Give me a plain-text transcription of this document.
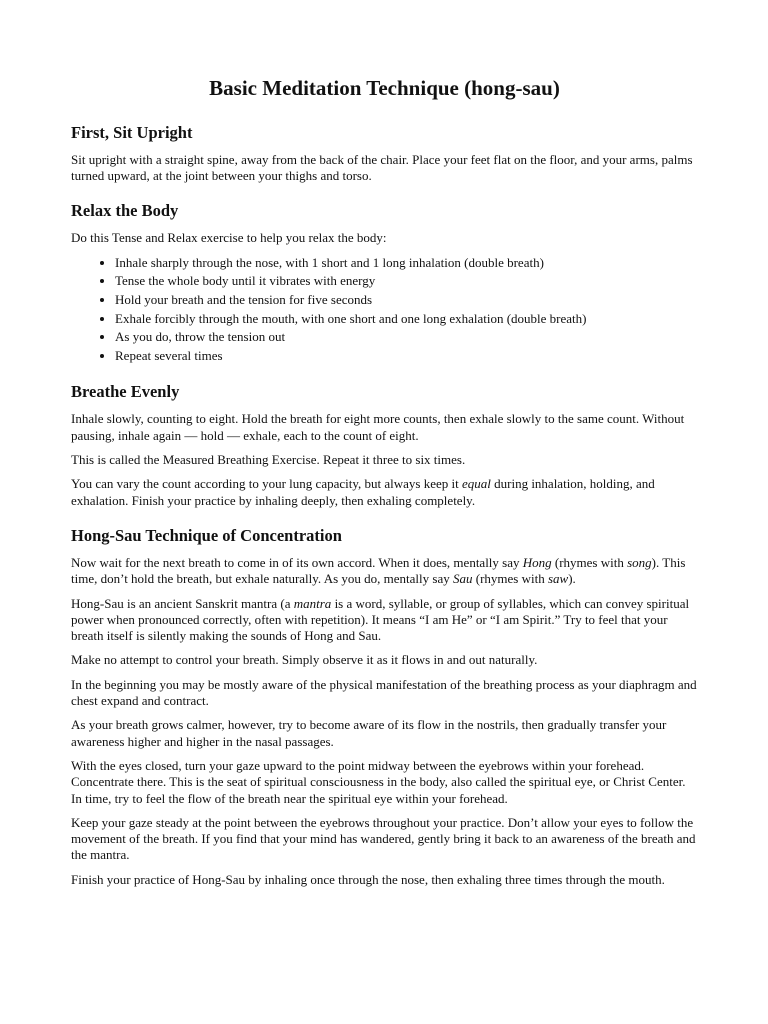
Basic Meditation Technique (hong-sau)
First, Sit Upright

Sit upright with a straight spine, away from the back of the chair. Place your feet flat on the floor, and your arms, palms turned upward, at the joint between your thighs and torso.

Relax the Body

Do this Tense and Relax exercise to help you relax the body:

• Inhale sharply through the nose, with 1 short and 1 long inhalation (double breath)
• Tense the whole body until it vibrates with energy
• Hold your breath and the tension for five seconds
• Exhale forcibly through the mouth, with one short and one long exhalation (double breath)
• As you do, throw the tension out
• Repeat several times
Breathe Evenly

Inhale slowly, counting to eight. Hold the breath for eight more counts, then exhale slowly to the same count. Without pausing, inhale again — hold — exhale, each to the count of eight.

This is called the Measured Breathing Exercise. Repeat it three to six times.

You can vary the count according to your lung capacity, but always keep it equal during inhalation, holding, and exhalation. Finish your practice by inhaling deeply, then exhaling completely.

Hong-Sau Technique of Concentration

Now wait for the next breath to come in of its own accord. When it does, mentally say Hong (rhymes with song). This time, don’t hold the breath, but exhale naturally. As you do, mentally say Sau (rhymes with saw).

Hong-Sau is an ancient Sanskrit mantra (a mantra is a word, syllable, or group of syllables, which can convey spiritual power when pronounced correctly, often with repetition). It means “I am He” or “I am Spirit.” Try to feel that your breath itself is silently making the sounds of Hong and Sau.

Make no attempt to control your breath. Simply observe it as it flows in and out naturally.

In the beginning you may be mostly aware of the physical manifestation of the breathing process as your diaphragm and chest expand and contract.

As your breath grows calmer, however, try to become aware of its flow in the nostrils, then gradually transfer your awareness higher and higher in the nasal passages.

With the eyes closed, turn your gaze upward to the point midway between the eyebrows within your forehead. Concentrate there. This is the seat of spiritual consciousness in the body, also called the spiritual eye, or Christ Center. In time, try to feel the flow of the breath near the spiritual eye within your forehead.

Keep your gaze steady at the point between the eyebrows throughout your practice. Don’t allow your eyes to follow the movement of the breath. If you find that your mind has wandered, gently bring it back to an awareness of the breath and the mantra.

Finish your practice of Hong-Sau by inhaling once through the nose, then exhaling three times through the mouth.
